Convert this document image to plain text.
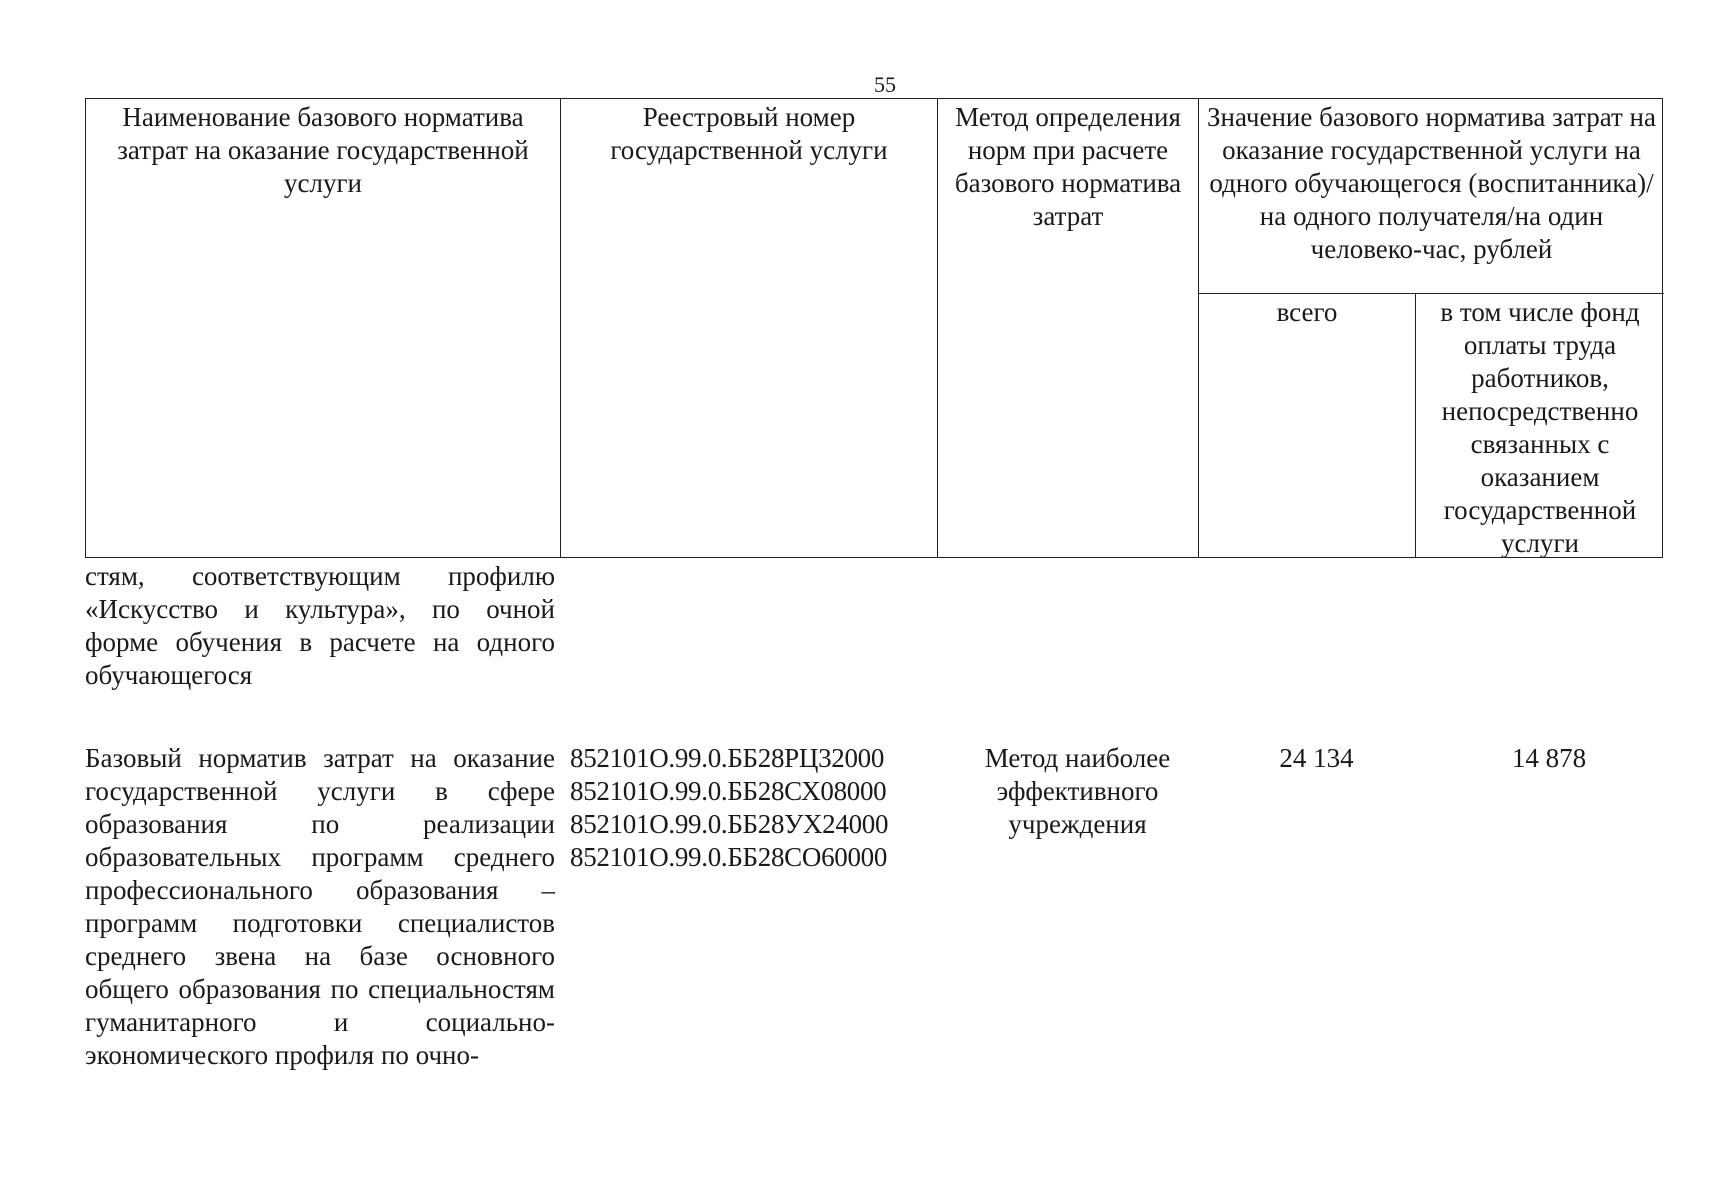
55
Наименование базового норматива затрат на оказание государственной услуги
Реестровый номер государственной услуги
Метод определения норм при расчете базового норматива затрат
Значение базового норматива затрат на оказание государственной услуги на одного обучающегося (воспитанника)/на одного получателя/на один человеко-час, рублей
всего	в том числе фонд оплаты труда работников, непосредственно связанных с оказанием государственной услуги
стям, соответствующим профилю «Искусство и культура», по очной форме обучения в расчете на одного обучающегося
Базовый норматив затрат на оказание государственной услуги в сфере образования по реализации образовательных программ среднего профессионального образования – программ подготовки специалистов среднего звена на базе основного общего образования по специальностям гуманитарного и социально-экономического профиля по очно-
852101О.99.0.ББ28РЦ32000
852101О.99.0.ББ28СХ08000
852101О.99.0.ББ28УХ24000
852101О.99.0.ББ28СО60000
Метод наиболее эффективного учреждения
24 134	14 878
